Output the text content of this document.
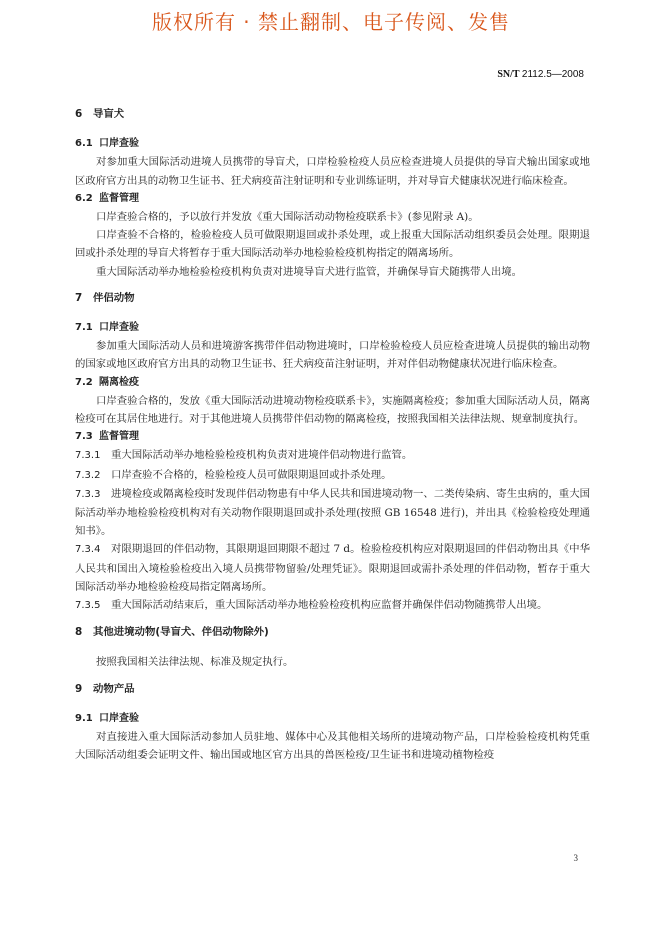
版权所有 · 禁止翻制、电子传阅、发售
SN/T 2112.5—2008
6 导盲犬
6.1 口岸查验

对参加重大国际活动进境人员携带的导盲犬，口岸检验检疫人员应检查进境人员提供的导盲犬输出国家或地区政府官方出具的动物卫生证书、狂犬病疫苗注射证明和专业训练证明，并对导盲犬健康状况进行临床检查。

6.2 监督管理

口岸查验合格的，予以放行并发放《重大国际活动动物检疫联系卡》(参见附录 A)。

口岸查验不合格的，检验检疫人员可做限期退回或扑杀处理，或上报重大国际活动组织委员会处理。限期退回或扑杀处理的导盲犬将暂存于重大国际活动举办地检验检疫机构指定的隔离场所。

重大国际活动举办地检验检疫机构负责对进境导盲犬进行监管，并确保导盲犬随携带人出境。

7 伴侣动物
7.1 口岸查验

参加重大国际活动人员和进境游客携带伴侣动物进境时，口岸检验检疫人员应检查进境人员提供的输出动物的国家或地区政府官方出具的动物卫生证书、狂犬病疫苗注射证明，并对伴侣动物健康状况进行临床检查。

7.2 隔离检疫

口岸查验合格的，发放《重大国际活动进境动物检疫联系卡》，实施隔离检疫；参加重大国际活动人员，隔离检疫可在其居住地进行。对于其他进境人员携带伴侣动物的隔离检疫，按照我国相关法律法规、规章制度执行。

7.3 监督管理

7.3.1 重大国际活动举办地检验检疫机构负责对进境伴侣动物进行监管。

7.3.2 口岸查验不合格的，检验检疫人员可做限期退回或扑杀处理。

7.3.3 进境检疫或隔离检疫时发现伴侣动物患有中华人民共和国进境动物一、二类传染病、寄生虫病的，重大国际活动举办地检验检疫机构对有关动物作限期退回或扑杀处理(按照 GB 16548 进行)，并出具《检验检疫处理通知书》。

7.3.4 对限期退回的伴侣动物，其限期退回期限不超过 7 d。检验检疫机构应对限期退回的伴侣动物出具《中华人民共和国出入境检验检疫出入境人员携带物留验/处理凭证》。限期退回或需扑杀处理的伴侣动物，暂存于重大国际活动举办地检验检疫局指定隔离场所。

7.3.5 重大国际活动结束后，重大国际活动举办地检验检疫机构应监督并确保伴侣动物随携带人出境。

8 其他进境动物(导盲犬、伴侣动物除外)

按照我国相关法律法规、标准及规定执行。

9 动物产品
9.1 口岸查验

对直接进入重大国际活动参加人员驻地、媒体中心及其他相关场所的进境动物产品，口岸检验检疫机构凭重大国际活动组委会证明文件、输出国或地区官方出具的兽医检疫/卫生证书和进境动植物检疫

3
